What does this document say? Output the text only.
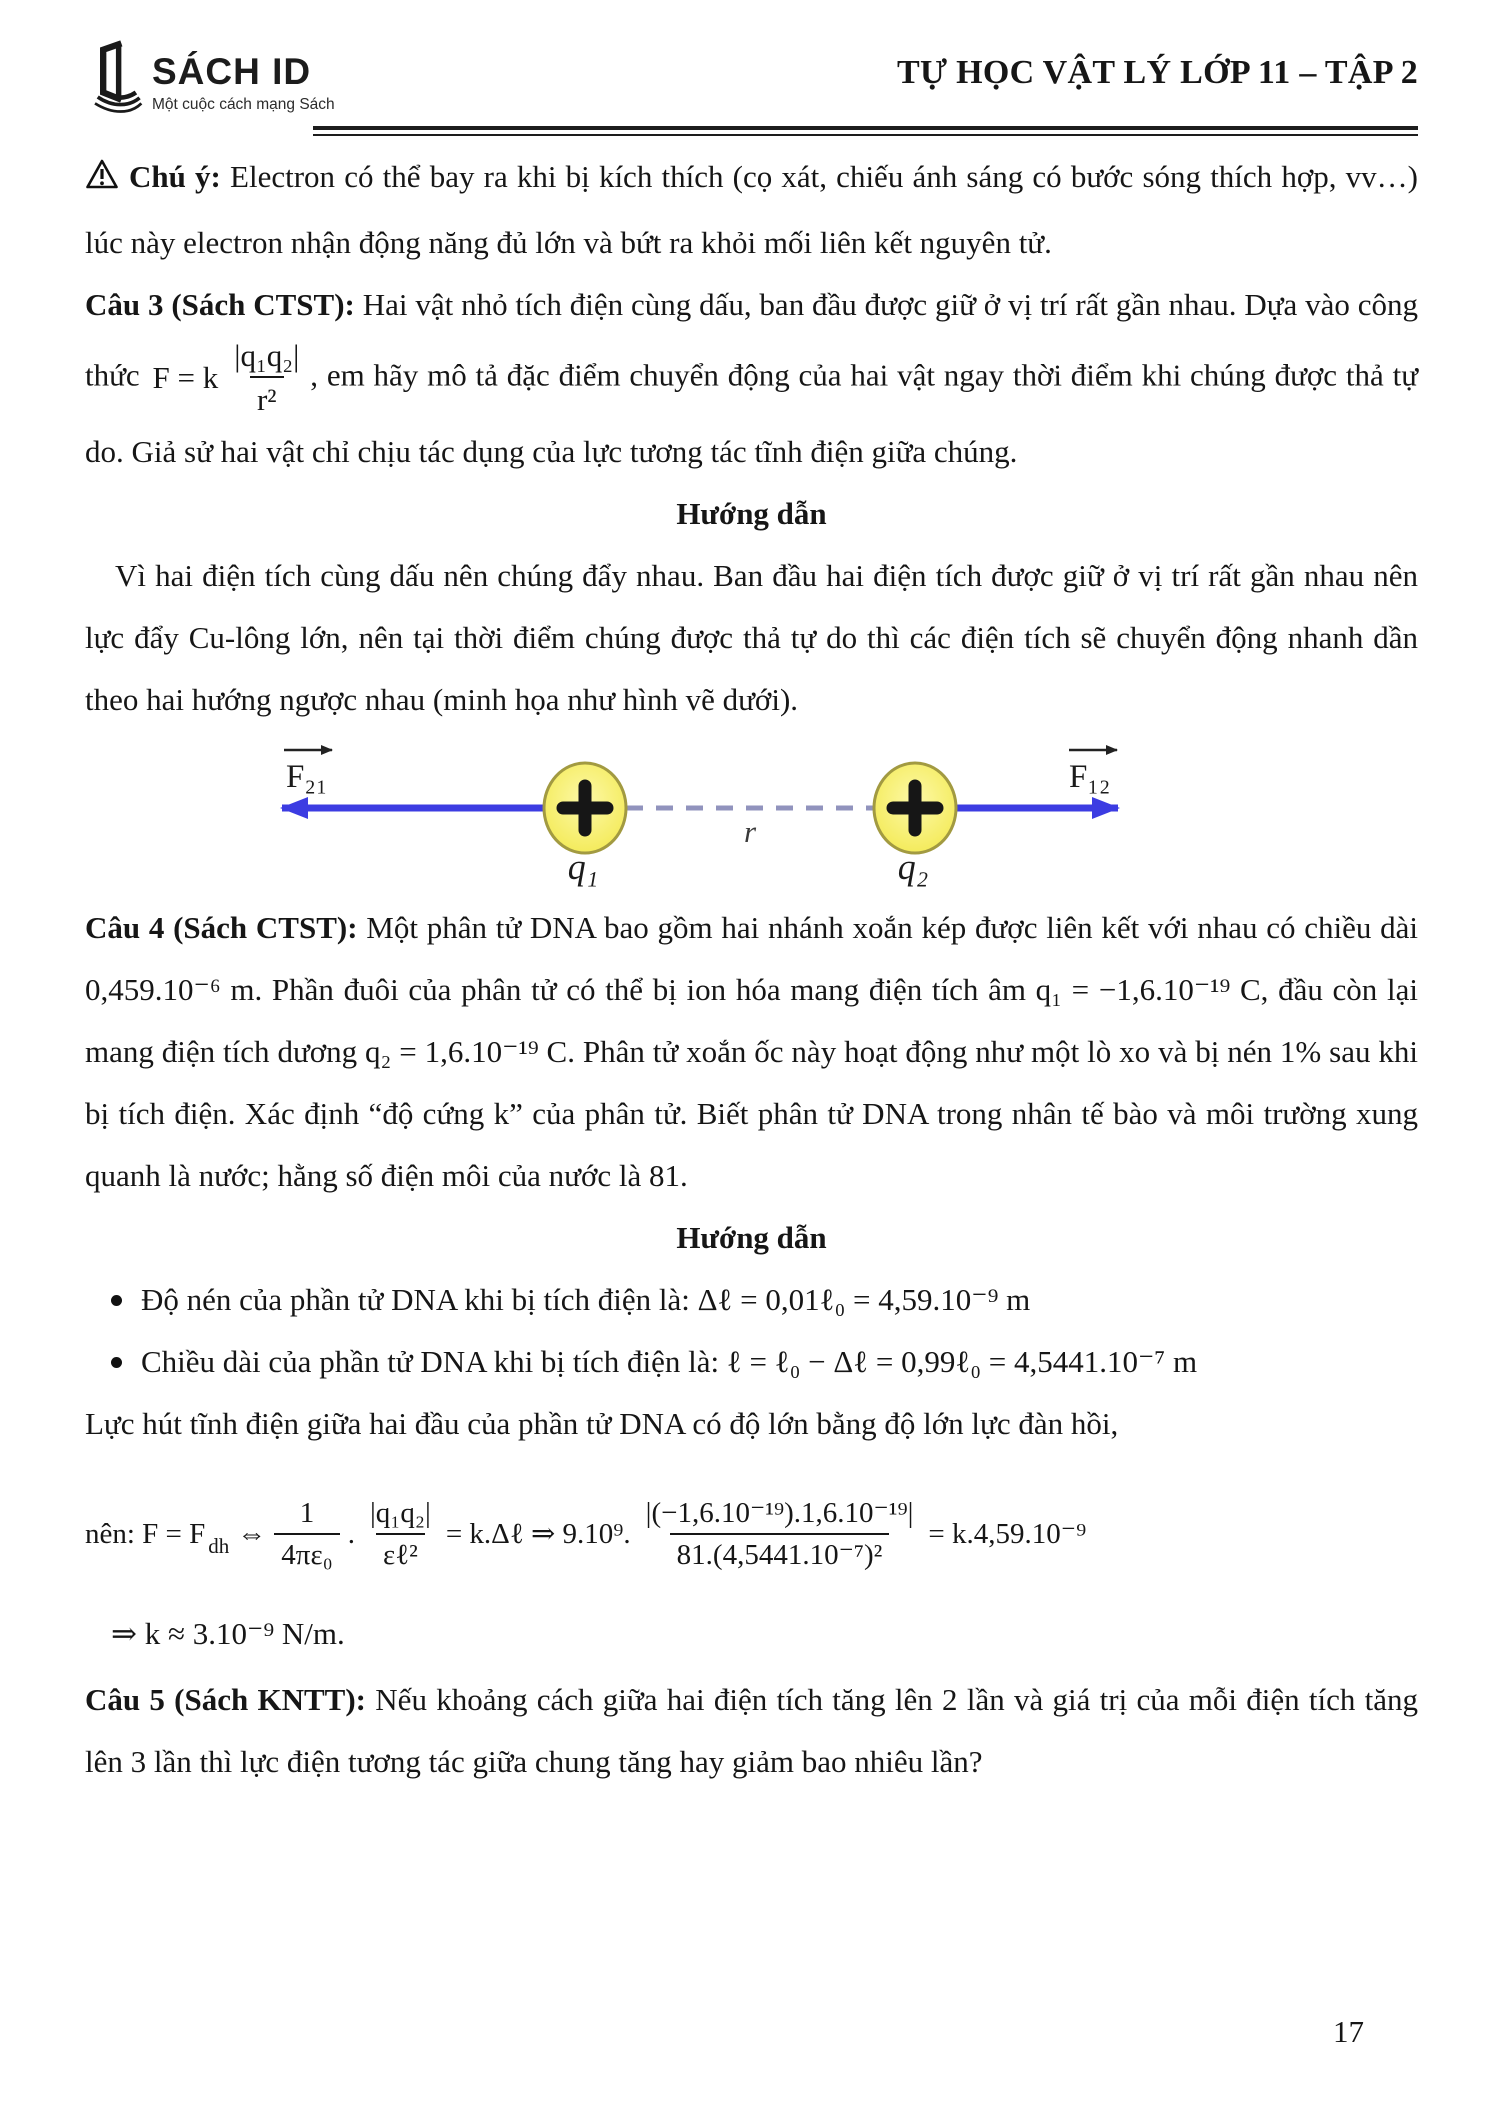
SÁCH ID
Một cuộc cách mạng Sách
TỰ HỌC VẬT LÝ LỚP 11 – TẬP 2

Chú ý: Electron có thể bay ra khi bị kích thích (cọ xát, chiếu ánh sáng có bước sóng thích hợp, vv…) lúc này electron nhận động năng đủ lớn và bứt ra khỏi mối liên kết nguyên tử.

Câu 3 (Sách CTST): Hai vật nhỏ tích điện cùng dấu, ban đầu được giữ ở vị trí rất gần nhau. Dựa vào công thức F = k $\frac{\text{|q₁q₂|}}{\text{r²}}$ , em hãy mô tả đặc điểm chuyển động của hai vật ngay thời điểm khi chúng được thả tự do. Giả sử hai vật chỉ chịu tác dụng của lực tương tác tĩnh điện giữa chúng.

Hướng dẫn

Vì hai điện tích cùng dấu nên chúng đẩy nhau. Ban đầu hai điện tích được giữ ở vị trí rất gần nhau nên lực đẩy Cu-lông lớn, nên tại thời điểm chúng được thả tự do thì các điện tích sẽ chuyển động nhanh dần theo hai hướng ngược nhau (minh họa như hình vẽ dưới).

F₂₁	F₁₂
q₁	q₂
r

Câu 4 (Sách CTST): Một phân tử DNA bao gồm hai nhánh xoắn kép được liên kết với nhau có chiều dài 0,459.10⁻⁶ m. Phần đuôi của phân tử có thể bị ion hóa mang điện tích âm q₁ = −1,6.10⁻¹⁹ C, đầu còn lại mang điện tích dương q₂ = 1,6.10⁻¹⁹ C. Phân tử xoắn ốc này hoạt động như một lò xo và bị nén 1% sau khi bị tích điện. Xác định “độ cứng k” của phân tử. Biết phân tử DNA trong nhân tế bào và môi trường xung quanh là nước; hằng số điện môi của nước là 81.

Hướng dẫn

Độ nén của phần tử DNA khi bị tích điện là: Δℓ = 0,01ℓ₀ = 4,59.10⁻⁹ m
Chiều dài của phần tử DNA khi bị tích điện là: ℓ = ℓ₀ − Δℓ = 0,99ℓ₀ = 4,5441.10⁻⁷ m

Lực hút tĩnh điện giữa hai đầu của phần tử DNA có độ lớn bằng độ lớn lực đàn hồi,

nên: F = F dh ⇔ $\frac{1}{\text{4πε₀}}$ . $\frac{\text{|q₁q₂|}}{\text{εℓ²}}$ = k.Δℓ ⇒ 9.10⁹. $\frac{\text{|(−1,6.10⁻¹⁹).1,6.10⁻¹⁹|}}{\text{81.(4,5441.10⁻⁷)²}} = k.4,59.10^{-9}$

⇒ k ≈ 3.10⁻⁹ N/m.

Câu 5 (Sách KNTT): Nếu khoảng cách giữa hai điện tích tăng lên 2 lần và giá trị của mỗi điện tích tăng lên 3 lần thì lực điện tương tác giữa chung tăng hay giảm bao nhiêu lần?

17
